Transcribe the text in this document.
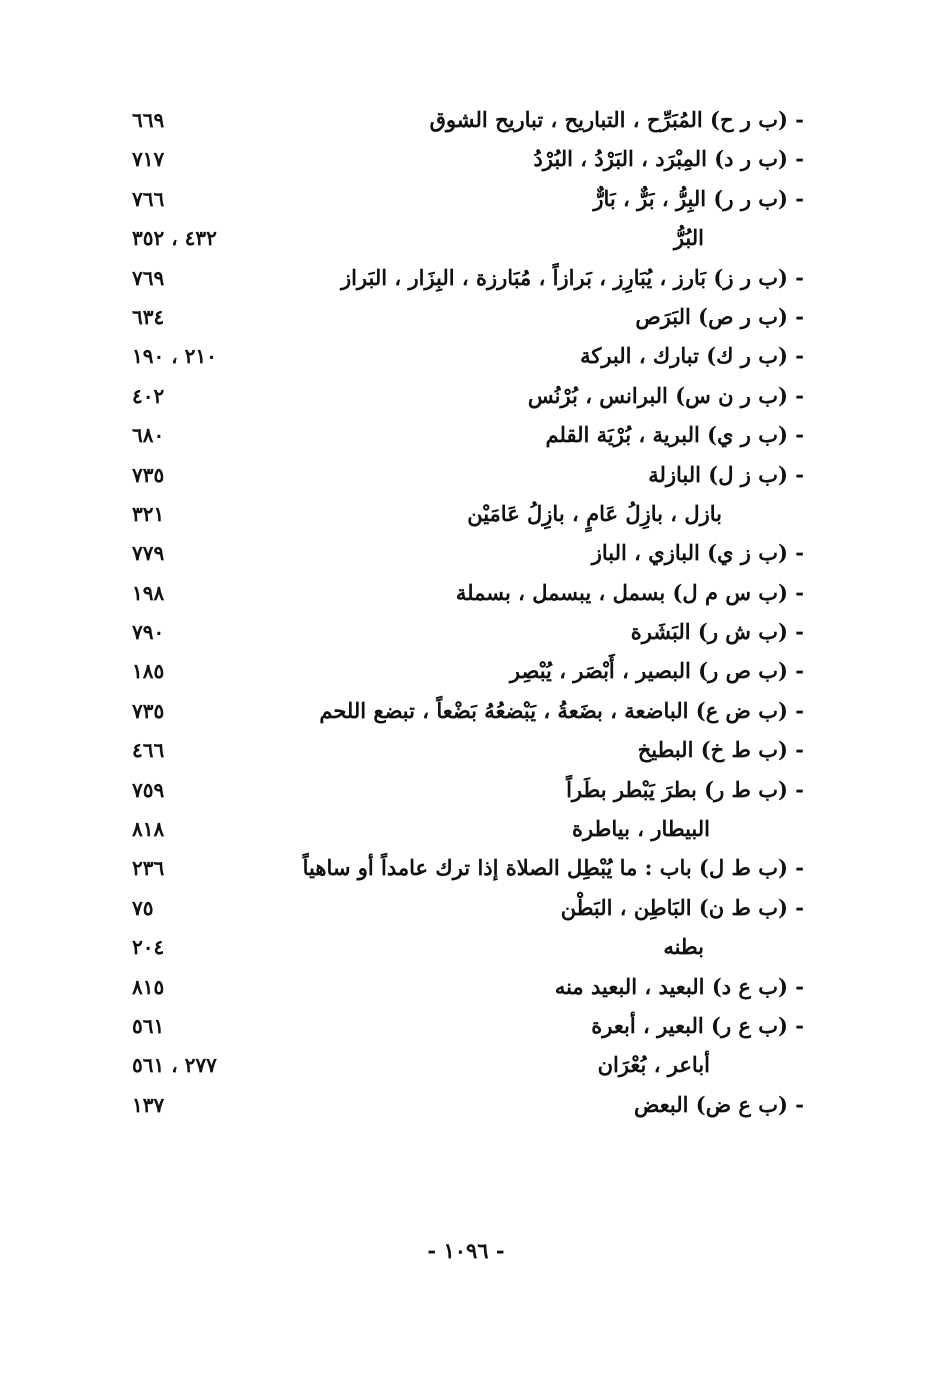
- (ب ر ح) المُبَرِّح ، التباريح ، تباريح الشوق
٦٦٩
- (ب ر د) المِبْرَد ، البَرْدُ ، البُرْدُ
٧١٧
- (ب ر ر) البِرُّ ، بَرٌّ ، بَارٌّ
٧٦٦
البُرُّ
٤٣٢ ، ٣٥٢
- (ب ر ز) بَارز ، يُبَارِز ، بَرازاً ، مُبَارزة ، البِزَار ، البَراز
٧٦٩
- (ب ر ص) البَرَص
٦٣٤
- (ب ر ك) تبارك ، البركة
٢١٠ ، ١٩٠
- (ب ر ن س) البرانس ، بُرْنُس
٤٠٢
- (ب ر ي) البرية ، بُرْيَة القلم
٦٨٠
- (ب ز ل) البازلة
٧٣٥
بازل ، بازِلُ عَامٍ ، بازِلُ عَامَيْن
٣٢١
- (ب ز ي) البازي ، الباز
٧٧٩
- (ب س م ل) بسمل ، يبسمل ، بسملة
١٩٨
- (ب ش ر) البَشَرة
٧٩٠
- (ب ص ر) البصير ، أَبْصَر ، يُبْصِر
١٨٥
- (ب ض ع) الباضعة ، بضَعةُ ، يَبْضعُهُ بَضْعاً ، تبضع اللحم
٧٣٥
- (ب ط خ) البطيخ
٤٦٦
- (ب ط ر) بطرَ يَبْطر بطَراً
٧٥٩
البيطار ، بياطرة
٨١٨
- (ب ط ل) باب : ما يُبْطِل الصلاة إذا ترك عامداً أو ساهياً
٢٣٦
- (ب ط ن) البَاطِن ، البَطْن
٧٥
بطنه
٢٠٤
- (ب ع د) البعيد ، البعيد منه
٨١٥
- (ب ع ر) البعير ، أبعرة
٥٦١
أباعر ، بُعْرَان
٢٧٧ ، ٥٦١
- (ب ع ض) البعض
١٣٧
- ١٠٩٦ -
